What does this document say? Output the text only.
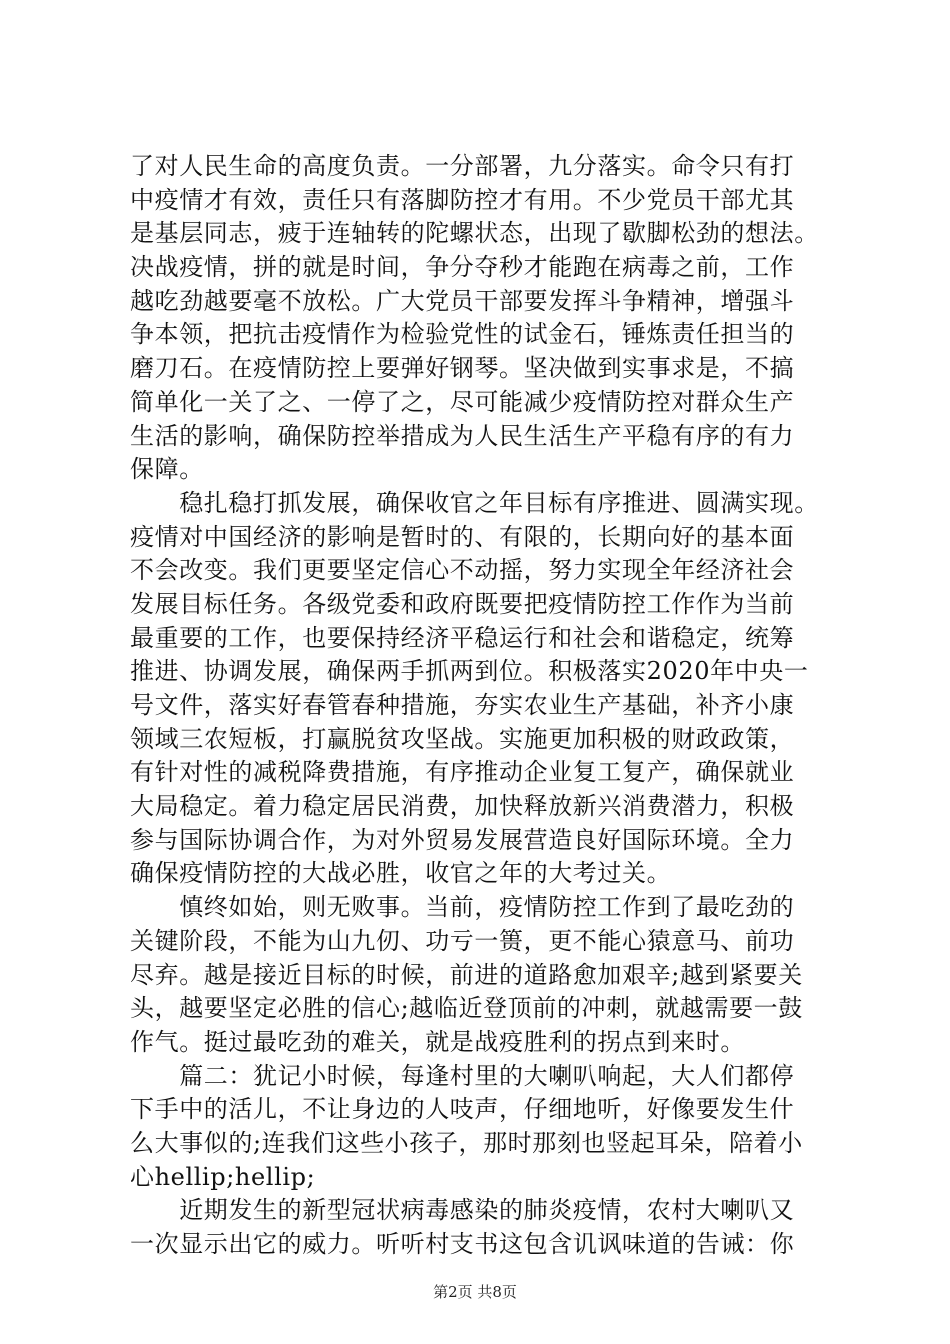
了对人民生命的高度负责。一分部署，九分落实。命令只有打
中疫情才有效，责任只有落脚防控才有用。不少党员干部尤其
是基层同志，疲于连轴转的陀螺状态，出现了歇脚松劲的想法。
决战疫情，拼的就是时间，争分夺秒才能跑在病毒之前，工作
越吃劲越要毫不放松。广大党员干部要发挥斗争精神，增强斗
争本领，把抗击疫情作为检验党性的试金石，锤炼责任担当的
磨刀石。在疫情防控上要弹好钢琴。坚决做到实事求是，不搞
简单化一关了之、一停了之，尽可能减少疫情防控对群众生产
生活的影响，确保防控举措成为人民生活生产平稳有序的有力
保障。
　　稳扎稳打抓发展，确保收官之年目标有序推进、圆满实现。
疫情对中国经济的影响是暂时的、有限的，长期向好的基本面
不会改变。我们更要坚定信心不动摇，努力实现全年经济社会
发展目标任务。各级党委和政府既要把疫情防控工作作为当前
最重要的工作，也要保持经济平稳运行和社会和谐稳定，统筹
推进、协调发展，确保两手抓两到位。积极落实2020年中央一
号文件，落实好春管春种措施，夯实农业生产基础，补齐小康
领域三农短板，打赢脱贫攻坚战。实施更加积极的财政政策，
有针对性的减税降费措施，有序推动企业复工复产，确保就业
大局稳定。着力稳定居民消费，加快释放新兴消费潜力，积极
参与国际协调合作，为对外贸易发展营造良好国际环境。全力
确保疫情防控的大战必胜，收官之年的大考过关。
　　慎终如始，则无败事。当前，疫情防控工作到了最吃劲的
关键阶段，不能为山九仞、功亏一篑，更不能心猿意马、前功
尽弃。越是接近目标的时候，前进的道路愈加艰辛;越到紧要关
头，越要坚定必胜的信心;越临近登顶前的冲刺，就越需要一鼓
作气。挺过最吃劲的难关，就是战疫胜利的拐点到来时。
　　篇二：犹记小时候，每逢村里的大喇叭响起，大人们都停
下手中的活儿，不让身边的人吱声，仔细地听，好像要发生什
么大事似的;连我们这些小孩子，那时那刻也竖起耳朵，陪着小
心hellip;hellip;
　　近期发生的新型冠状病毒感染的肺炎疫情，农村大喇叭又
一次显示出它的威力。听听村支书这包含讥讽味道的告诫：你
第2页 共8页
